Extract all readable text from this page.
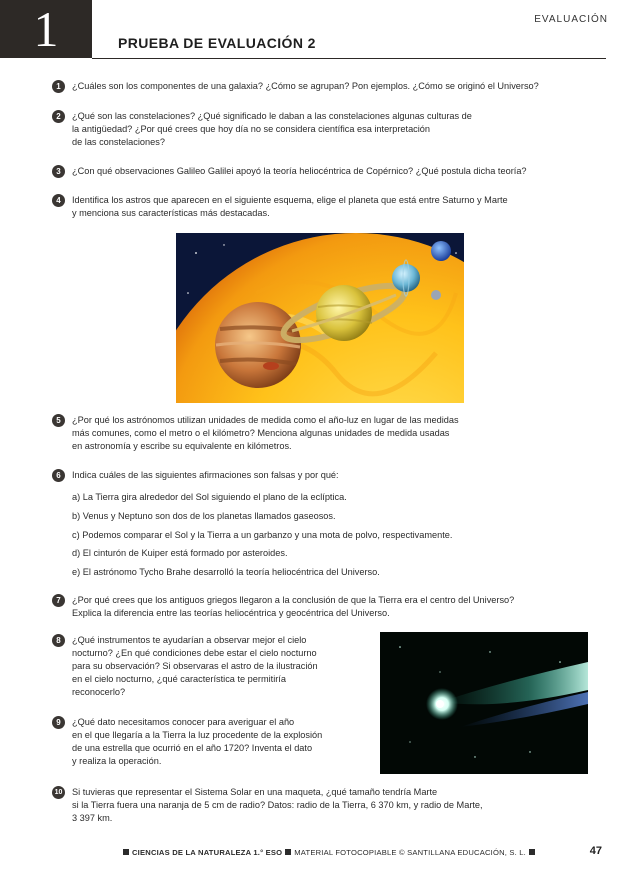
1	PRUEBA DE EVALUACIÓN 2
EVALUACIÓN
1	¿Cuáles son los componentes de una galaxia? ¿Cómo se agrupan? Pon ejemplos. ¿Cómo se originó el Universo?
2	¿Qué son las constelaciones? ¿Qué significado le daban a las constelaciones algunas culturas de
la antigüedad? ¿Por qué crees que hoy día no se considera científica esa interpretación
de las constelaciones?
3	¿Con qué observaciones Galileo Galilei apoyó la teoría heliocéntrica de Copérnico? ¿Qué postula dicha teoría?
4	Identifica los astros que aparecen en el siguiente esquema, elige el planeta que está entre Saturno y Marte
y menciona sus características más destacadas.
5	¿Por qué los astrónomos utilizan unidades de medida como el año-luz en lugar de las medidas
más comunes, como el metro o el kilómetro? Menciona algunas unidades de medida usadas
en astronomía y escribe su equivalente en kilómetros.
6	Indica cuáles de las siguientes afirmaciones son falsas y por qué:
a) La Tierra gira alrededor del Sol siguiendo el plano de la eclíptica.
b) Venus y Neptuno son dos de los planetas llamados gaseosos.
c) Podemos comparar el Sol y la Tierra a un garbanzo y una mota de polvo, respectivamente.
d) El cinturón de Kuiper está formado por asteroides.
e) El astrónomo Tycho Brahe desarrolló la teoría heliocéntrica del Universo.
7	¿Por qué crees que los antiguos griegos llegaron a la conclusión de que la Tierra era el centro del Universo?
Explica la diferencia entre las teorías heliocéntrica y geocéntrica del Universo.
8	¿Qué instrumentos te ayudarían a observar mejor el cielo
nocturno? ¿En qué condiciones debe estar el cielo nocturno
para su observación? Si observaras el astro de la ilustración
en el cielo nocturno, ¿qué característica te permitiría
reconocerlo?
9	¿Qué dato necesitamos conocer para averiguar el año
en el que llegaría a la Tierra la luz procedente de la explosión
de una estrella que ocurrió en el año 1720? Inventa el dato
y realiza la operación.
10 Si tuvieras que representar el Sistema Solar en una maqueta, ¿qué tamaño tendría Marte
si la Tierra fuera una naranja de 5 cm de radio? Datos: radio de la Tierra, 6 370 km, y radio de Marte,
3 397 km.
CIENCIAS DE LA NATURALEZA 1.° ESO MATERIAL FOTOCOPIABLE © SANTILLANA EDUCACIÓN, S. L.	47
